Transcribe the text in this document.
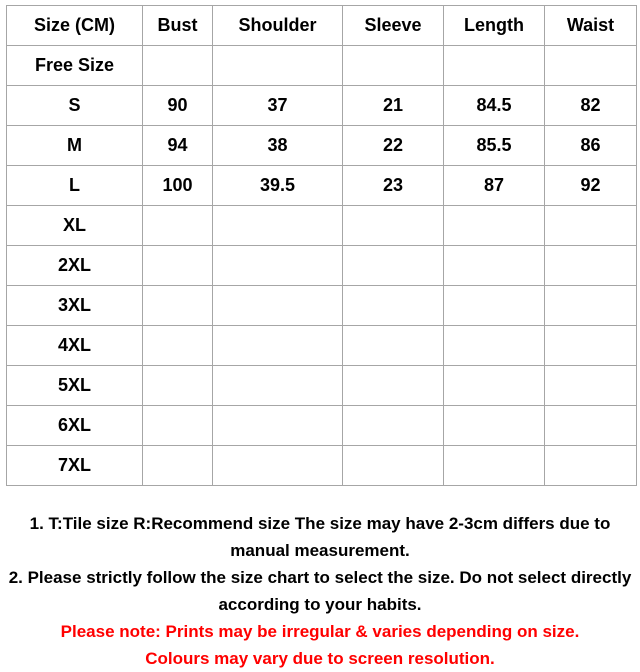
Size (CM)	Bust	Shoulder	Sleeve	Length	Waist
Free Size					
S	90	37	21	84.5	82
M	94	38	22	85.5	86
L	100	39.5	23	87	92
XL					
2XL					
3XL					
4XL					
5XL					
6XL					
7XL					

1. T:Tile size R:Recommend size The size may have 2-3cm differs due to manual measurement.

2. Please strictly follow the size chart to select the size. Do not select directly according to your habits.

Please note: Prints may be irregular & varies depending on size.

Colours may vary due to screen resolution.
